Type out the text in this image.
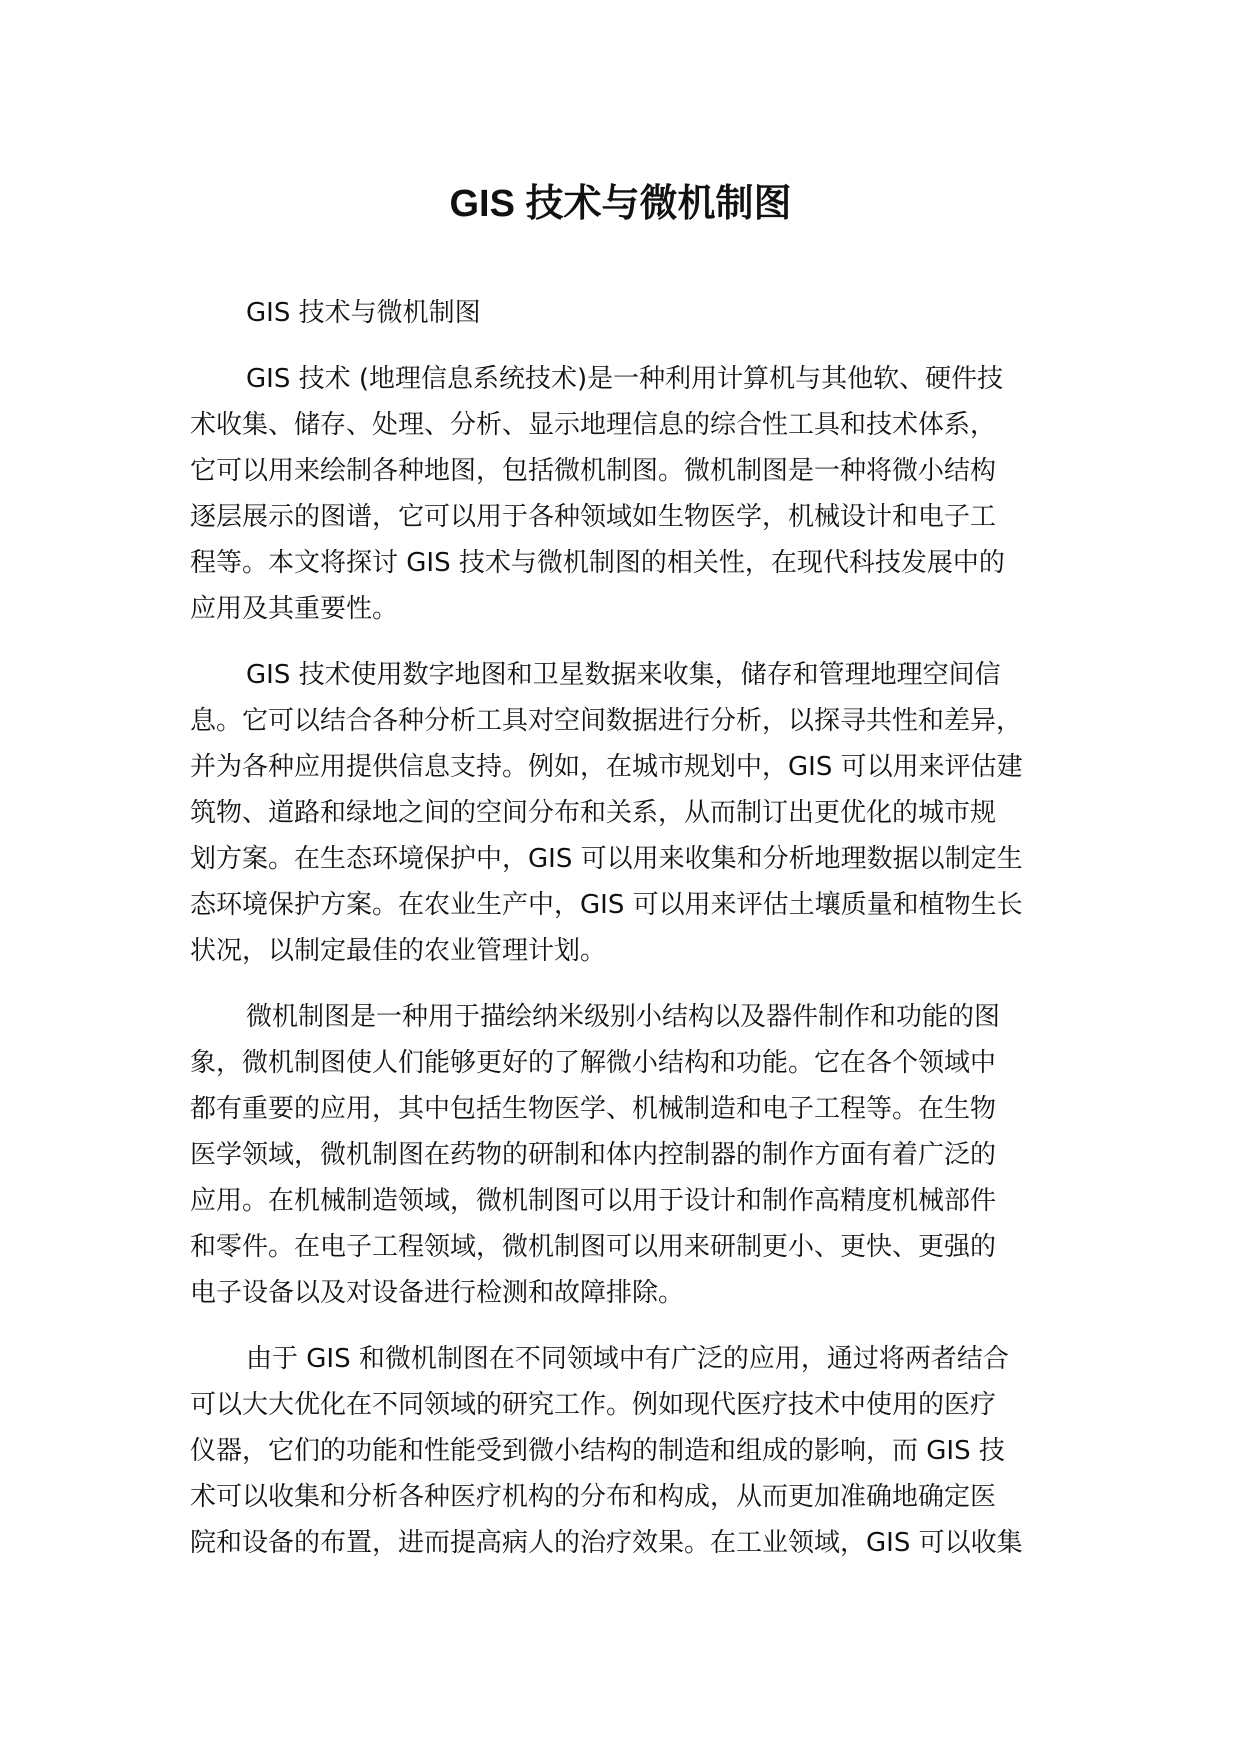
GIS 技术与微机制图

GIS 技术与微机制图

GIS 技术 (地理信息系统技术)是一种利用计算机与其他软、硬件技
术收集、储存、处理、分析、显示地理信息的综合性工具和技术体系，
它可以用来绘制各种地图，包括微机制图。微机制图是一种将微小结构
逐层展示的图谱，它可以用于各种领域如生物医学，机械设计和电子工
程等。本文将探讨 GIS 技术与微机制图的相关性，在现代科技发展中的
应用及其重要性。

GIS 技术使用数字地图和卫星数据来收集，储存和管理地理空间信
息。它可以结合各种分析工具对空间数据进行分析，以探寻共性和差异，
并为各种应用提供信息支持。例如，在城市规划中，GIS 可以用来评估建
筑物、道路和绿地之间的空间分布和关系，从而制订出更优化的城市规
划方案。在生态环境保护中，GIS 可以用来收集和分析地理数据以制定生
态环境保护方案。在农业生产中，GIS 可以用来评估土壤质量和植物生长
状况，以制定最佳的农业管理计划。

微机制图是一种用于描绘纳米级别小结构以及器件制作和功能的图
象，微机制图使人们能够更好的了解微小结构和功能。它在各个领域中
都有重要的应用，其中包括生物医学、机械制造和电子工程等。在生物
医学领域，微机制图在药物的研制和体内控制器的制作方面有着广泛的
应用。在机械制造领域，微机制图可以用于设计和制作高精度机械部件
和零件。在电子工程领域，微机制图可以用来研制更小、更快、更强的
电子设备以及对设备进行检测和故障排除。

由于 GIS 和微机制图在不同领域中有广泛的应用，通过将两者结合
可以大大优化在不同领域的研究工作。例如现代医疗技术中使用的医疗
仪器，它们的功能和性能受到微小结构的制造和组成的影响，而 GIS 技
术可以收集和分析各种医疗机构的分布和构成，从而更加准确地确定医
院和设备的布置，进而提高病人的治疗效果。在工业领域，GIS 可以收集
